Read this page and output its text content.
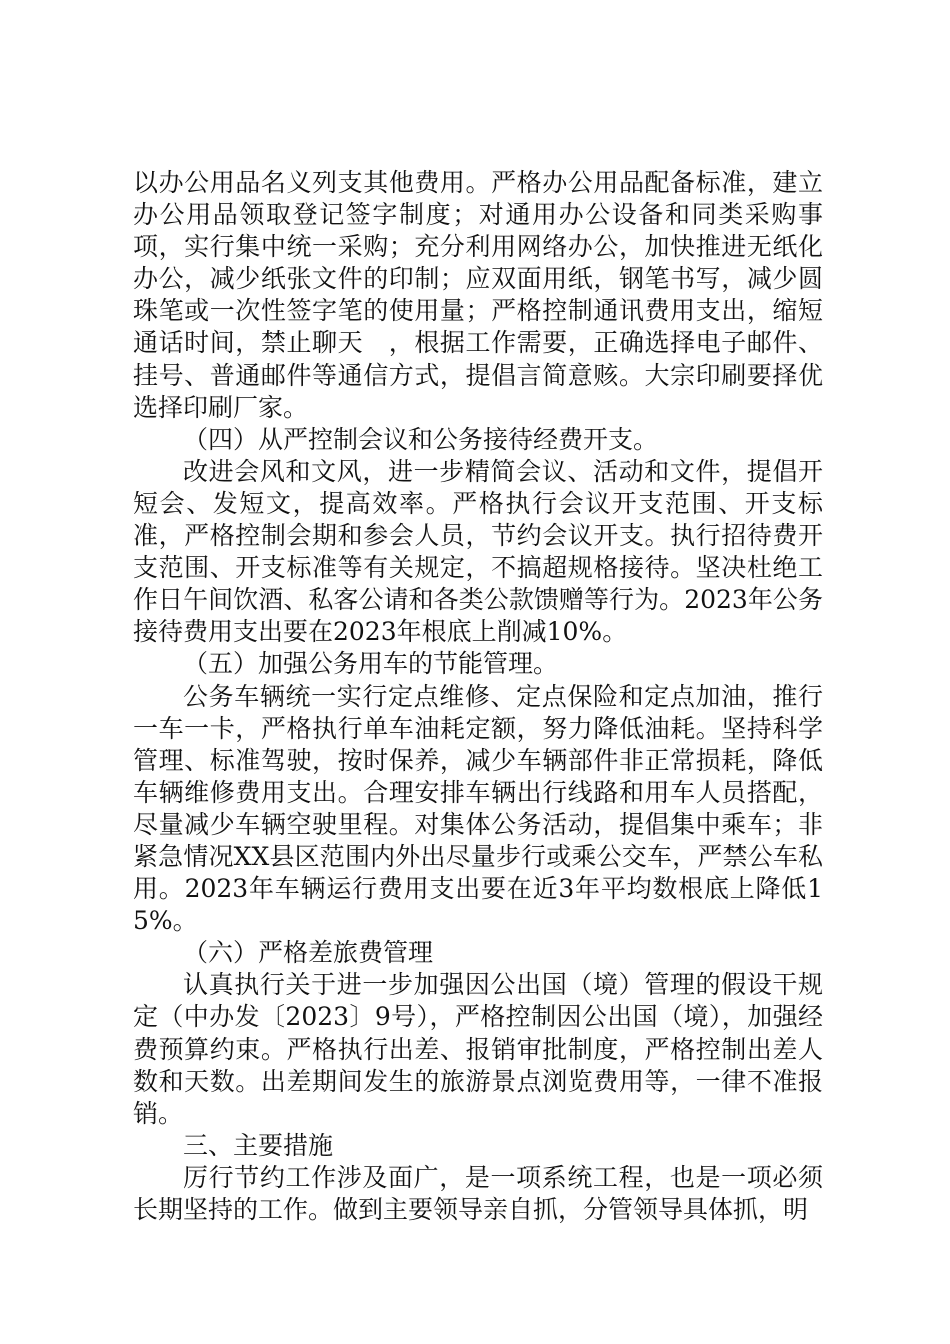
以办公用品名义列支其他费用。严格办公用品配备标准，建立办公用品领取登记签字制度；对通用办公设备和同类采购事项，实行集中统一采购；充分利用网络办公，加快推进无纸化办公，减少纸张文件的印制；应双面用纸，钢笔书写，减少圆珠笔或一次性签字笔的使用量；严格控制通讯费用支出，缩短通话时间，禁止聊天　，根据工作需要，正确选择电子邮件、挂号、普通邮件等通信方式，提倡言简意赅。大宗印刷要择优选择印刷厂家。

（四）从严控制会议和公务接待经费开支。

改进会风和文风，进一步精简会议、活动和文件，提倡开短会、发短文，提高效率。严格执行会议开支范围、开支标准，严格控制会期和参会人员，节约会议开支。执行招待费开支范围、开支标准等有关规定，不搞超规格接待。坚决杜绝工作日午间饮酒、私客公请和各类公款馈赠等行为。2023年公务接待费用支出要在2023年根底上削减10%。

（五）加强公务用车的节能管理。

公务车辆统一实行定点维修、定点保险和定点加油，推行一车一卡，严格执行单车油耗定额，努力降低油耗。坚持科学管理、标准驾驶，按时保养，减少车辆部件非正常损耗，降低车辆维修费用支出。合理安排车辆出行线路和用车人员搭配，尽量减少车辆空驶里程。对集体公务活动，提倡集中乘车；非紧急情况XX县区范围内外出尽量步行或乘公交车，严禁公车私用。2023年车辆运行费用支出要在近3年平均数根底上降低15%。

（六）严格差旅费管理

认真执行关于进一步加强因公出国（境）管理的假设干规定（中办发〔2023〕9号），严格控制因公出国（境），加强经费预算约束。严格执行出差、报销审批制度，严格控制出差人数和天数。出差期间发生的旅游景点浏览费用等，一律不准报销。

三、主要措施

厉行节约工作涉及面广，是一项系统工程，也是一项必须长期坚持的工作。做到主要领导亲自抓，分管领导具体抓，明
